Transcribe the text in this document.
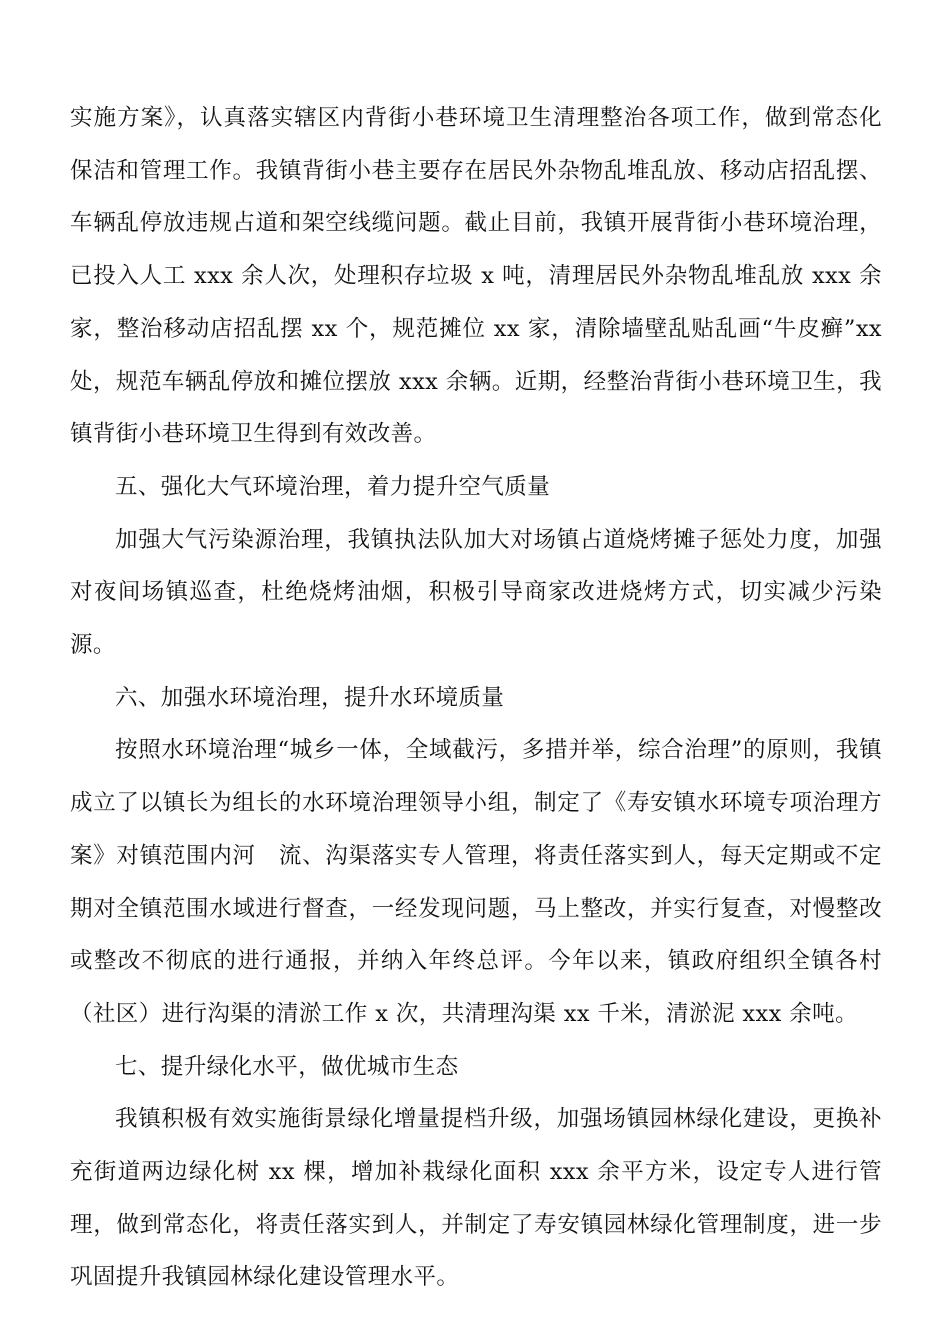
实施方案》，认真落实辖区内背街小巷环境卫生清理整治各项工作，做到常态化保洁和管理工作。我镇背街小巷主要存在居民外杂物乱堆乱放、移动店招乱摆、车辆乱停放违规占道和架空线缆问题。截止目前，我镇开展背街小巷环境治理，已投入人工 xxx 余人次，处理积存垃圾 x 吨，清理居民外杂物乱堆乱放 xxx 余家，整治移动店招乱摆 xx 个，规范摊位 xx 家，清除墙壁乱贴乱画“牛皮癣”xx 处，规范车辆乱停放和摊位摆放 xxx 余辆。近期，经整治背街小巷环境卫生，我镇背街小巷环境卫生得到有效改善。

五、强化大气环境治理，着力提升空气质量

加强大气污染源治理，我镇执法队加大对场镇占道烧烤摊子惩处力度，加强对夜间场镇巡查，杜绝烧烤油烟，积极引导商家改进烧烤方式，切实减少污染源。

六、加强水环境治理，提升水环境质量

按照水环境治理“城乡一体，全域截污，多措并举，综合治理”的原则，我镇成立了以镇长为组长的水环境治理领导小组，制定了《寿安镇水环境专项治理方案》对镇范围内河　流、沟渠落实专人管理，将责任落实到人，每天定期或不定期对全镇范围水域进行督查，一经发现问题，马上整改，并实行复查，对慢整改或整改不彻底的进行通报，并纳入年终总评。今年以来，镇政府组织全镇各村（社区）进行沟渠的清淤工作 x 次，共清理沟渠 xx 千米，清淤泥 xxx 余吨。

七、提升绿化水平，做优城市生态

我镇积极有效实施街景绿化增量提档升级，加强场镇园林绿化建设，更换补充街道两边绿化树 xx 棵，增加补栽绿化面积 xxx 余平方米，设定专人进行管理，做到常态化，将责任落实到人，并制定了寿安镇园林绿化管理制度，进一步巩固提升我镇园林绿化建设管理水平。
